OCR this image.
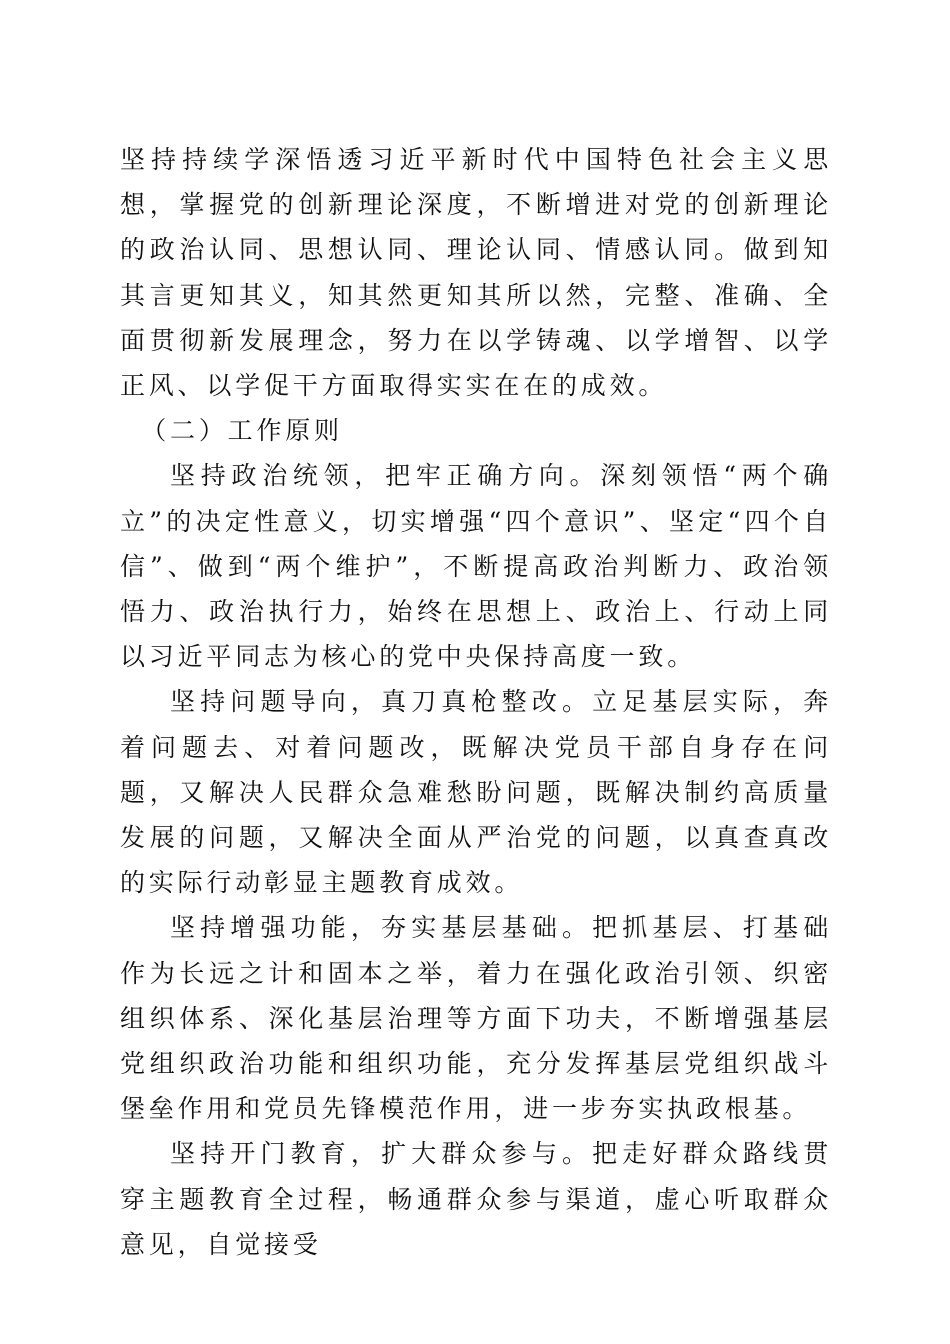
坚持持续学深悟透习近平新时代中国特色社会主义思想，掌握党的创新理论深度，不断增进对党的创新理论的政治认同、思想认同、理论认同、情感认同。做到知其言更知其义，知其然更知其所以然，完整、准确、全面贯彻新发展理念，努力在以学铸魂、以学增智、以学正风、以学促干方面取得实实在在的成效。

（二）工作原则

坚持政治统领，把牢正确方向。深刻领悟“两个确立”的决定性意义，切实增强“四个意识”、坚定“四个自信”、做到“两个维护”，不断提高政治判断力、政治领悟力、政治执行力，始终在思想上、政治上、行动上同以习近平同志为核心的党中央保持高度一致。

坚持问题导向，真刀真枪整改。立足基层实际，奔着问题去、对着问题改，既解决党员干部自身存在问题，又解决人民群众急难愁盼问题，既解决制约高质量发展的问题，又解决全面从严治党的问题，以真查真改的实际行动彰显主题教育成效。

坚持增强功能，夯实基层基础。把抓基层、打基础作为长远之计和固本之举，着力在强化政治引领、织密组织体系、深化基层治理等方面下功夫，不断增强基层党组织政治功能和组织功能，充分发挥基层党组织战斗堡垒作用和党员先锋模范作用，进一步夯实执政根基。

坚持开门教育，扩大群众参与。把走好群众路线贯穿主题教育全过程，畅通群众参与渠道，虚心听取群众意见，自觉接受
